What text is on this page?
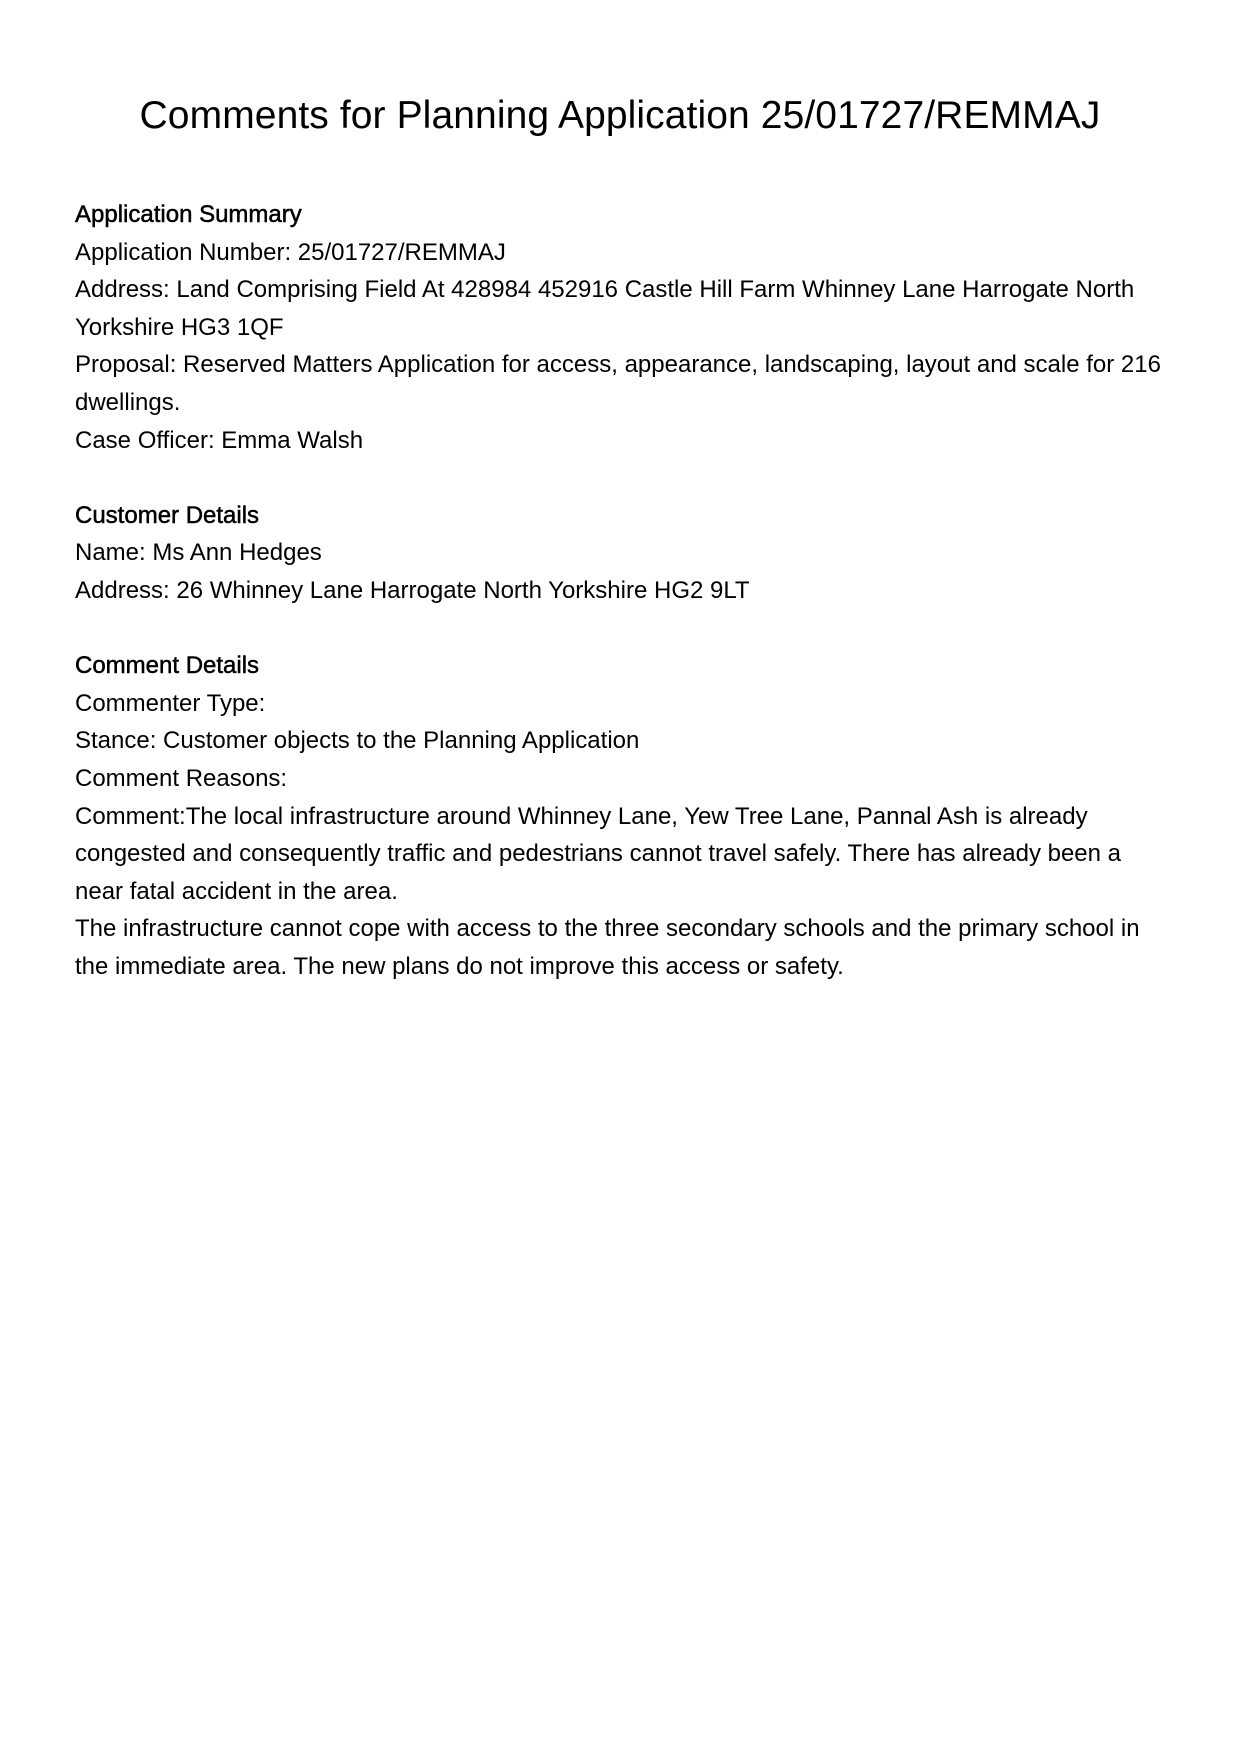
Comments for Planning Application 25/01727/REMMAJ

Application Summary

Application Number: 25/01727/REMMAJ

Address: Land Comprising Field At 428984 452916 Castle Hill Farm Whinney Lane Harrogate North Yorkshire HG3 1QF

Proposal: Reserved Matters Application for access, appearance, landscaping, layout and scale for 216 dwellings.

Case Officer: Emma Walsh

Customer Details

Name: Ms Ann Hedges

Address: 26 Whinney Lane Harrogate North Yorkshire HG2 9LT

Comment Details

Commenter Type:

Stance: Customer objects to the Planning Application

Comment Reasons:

Comment:The local infrastructure around Whinney Lane, Yew Tree Lane, Pannal Ash is already congested and consequently traffic and pedestrians cannot travel safely. There has already been a near fatal accident in the area.

The infrastructure cannot cope with access to the three secondary schools and the primary school in the immediate area. The new plans do not improve this access or safety.
